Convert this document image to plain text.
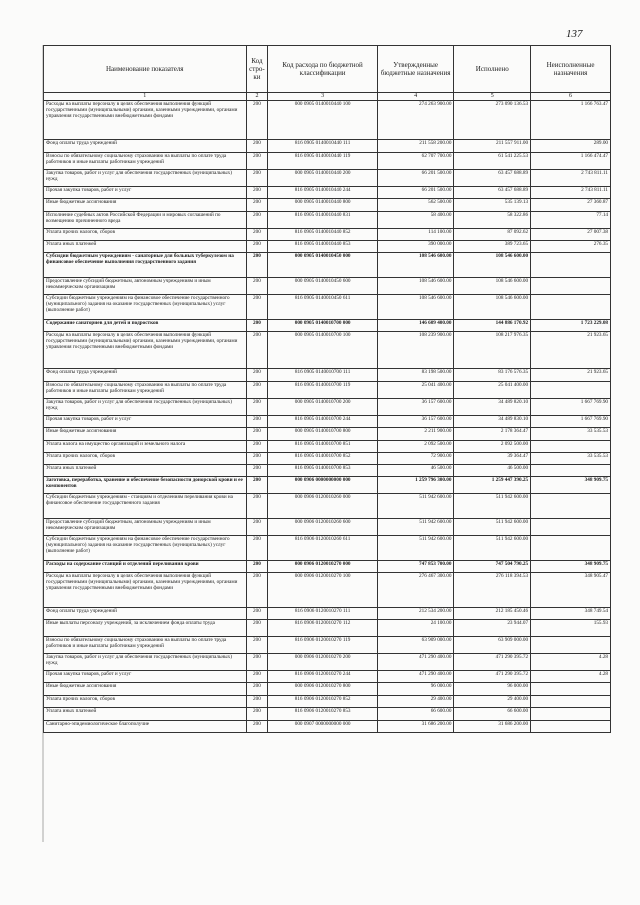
137
Наименование показателя	Код стро-ки	Код расхода по бюджетной классификации	Утвержденные бюджетные назначения	Исполнено	Неисполненные назначения
1	2	3	4	5	6
Расходы на выплаты персоналу в целях обеспечения выполнения функций государственными (муниципальными) органами, казенными учреждениями, органами управления государственными внебюджетными фондами	200	000 0905 0140010440 100	274 263 900.00	273 090 136.53	1 166 763.47
Фонд оплаты труда учреждений	200	816 0905 0140010440 111	211 558 200.00	211 557 911.00	289.00
Взносы по обязательному социальному страхованию на выплаты по оплате труда работников и иные выплаты работникам учреждений	200	816 0905 0140010440 119	62 707 700.00	61 541 225.53	1 166 474.47
Закупка товаров, работ и услуг для обеспечения государственных (муниципальных) нужд	200	000 0905 0140010440 200	66 201 500.00	63 457 688.89	2 743 811.11
Прочая закупка товаров, работ и услуг	200	816 0905 0140010440 244	66 201 500.00	63 457 688.89	2 743 811.11
Иные бюджетные ассигнования	200	000 0905 0140010440 800	562 500.00	535 139.13	27 360.87
Исполнение судебных актов Российской Федерации и мировых соглашений по возмещению причиненного вреда	200	816 0905 0140010440 831	58 400.00	58 322.86	77.14
Уплата прочих налогов, сборов	200	816 0905 0140010440 852	114 100.00	87 092.62	27 007.38
Уплата иных платежей	200	816 0905 0140010440 853	390 000.00	389 723.65	276.35
Субсидии бюджетным учреждениям - санаторные для больных туберкулезом на финансовое обеспечение выполнения государственного задания	200	000 0905 0140010450 000	108 546 600.00	108 546 600.00	
Предоставление субсидий бюджетным, автономным учреждениям и иным некоммерческим организациям	200	000 0905 0140010450 600	108 546 600.00	108 546 600.00	
Субсидии бюджетным учреждениям на финансовое обеспечение государственного (муниципального) задания на оказание государственных (муниципальных) услуг (выполнение работ)	200	816 0905 0140010450 611	108 546 600.00	108 546 600.00	
Содержание санаториев для детей и подростков	200	000 0905 0140010700 000	146 609 400.00	144 886 170.92	1 723 229.08
Расходы на выплаты персоналу в целях обеспечения выполнения функций государственными (муниципальными) органами, казенными учреждениями, органами управления государственными внебюджетными фондами	200	000 0905 0140010700 100	108 239 900.00	108 217 976.35	21 923.65
Фонд оплаты труда учреждений	200	816 0905 0140010700 111	83 198 500.00	83 176 576.35	21 923.65
Взносы по обязательному социальному страхованию на выплаты по оплате труда работников и иные выплаты работникам учреждений	200	816 0905 0140010700 119	25 041 400.00	25 041 400.00	
Закупка товаров, работ и услуг для обеспечения государственных (муниципальных) нужд	200	000 0905 0140010700 200	36 157 600.00	34 489 820.10	1 667 769.90
Прочая закупка товаров, работ и услуг	200	816 0905 0140010700 244	36 157 600.00	34 489 830.10	1 667 769.90
Иные бюджетные ассигнования	200	000 0905 0140010700 800	2 211 900.00	2 178 364.47	33 535.53
Уплата налога на имущество организаций и земельного налога	200	816 0905 0140010700 851	2 092 500.00	2 092 500.00	
Уплата прочих налогов, сборов	200	816 0905 0140010700 852	72 900.00	39 364.47	33 535.53
Уплата иных платежей	200	816 0905 0140010700 853	46 500.00	46 500.00	
Заготовка, переработка, хранение и обеспечение безопасности донорской крови и ее компонентов	200	000 0906 0000000000 000	1 259 796 300.00	1 259 447 390.25	348 909.75
Субсидии бюджетным учреждениям - станциям и отделениям переливания крови на финансовое обеспечение государственного задания	200	000 0906 0120010260 000	511 942 600.00	511 942 600.00	
Предоставление субсидий бюджетным, автономным учреждениям и иным некоммерческим организациям	200	000 0906 0120010260 600	511 942 600.00	511 942 600.00	
Субсидии бюджетным учреждениям на финансовое обеспечение государственного (муниципального) задания на оказание государственных (муниципальных) услуг (выполнение работ)	200	816 0906 0120010260 611	511 942 600.00	511 942 600.00	
Расходы на содержание станций и отделений переливания крови	200	000 0906 0120010270 000	747 853 700.00	747 504 790.25	348 909.75
Расходы на выплаты персоналу в целях обеспечения выполнения функций государственными (муниципальными) органами, казенными учреждениями, органами управления государственными внебюджетными фондами	200	000 0906 0120010270 100	276 467 300.00	276 118 394.53	348 905.47
Фонд оплаты труда учреждений	200	816 0906 0120010270 111	212 534 200.00	212 185 450.46	348 749.54
Иные выплаты персоналу учреждений, за исключением фонда оплаты труда	200	816 0906 0120010270 112	24 100.00	23 944.07	155.93
Взносы по обязательному социальному страхованию на выплаты по оплате труда работников и иные выплаты работникам учреждений	200	816 0906 0120010270 119	63 909 000.00	63 909 000.00	
Закупка товаров, работ и услуг для обеспечения государственных (муниципальных) нужд	200	000 0906 0120010270 200	471 290 400.00	471 290 395.72	4.28
Прочая закупка товаров, работ и услуг	200	816 0906 0120010270 244	471 290 400.00	471 290 395.72	4.28
Иные бюджетные ассигнования	200	000 0906 0120010270 800	96 000.00	96 000.00	
Уплата прочих налогов, сборов	200	816 0906 0120010270 852	29 400.00	29 400.00	
Уплата иных платежей	200	816 0906 0120010270 853	66 600.00	66 600.00	
Санитарно-эпидемиологическое благополучие	200	000 0907 0000000000 000	31 686 200.00	31 686 200.00	
